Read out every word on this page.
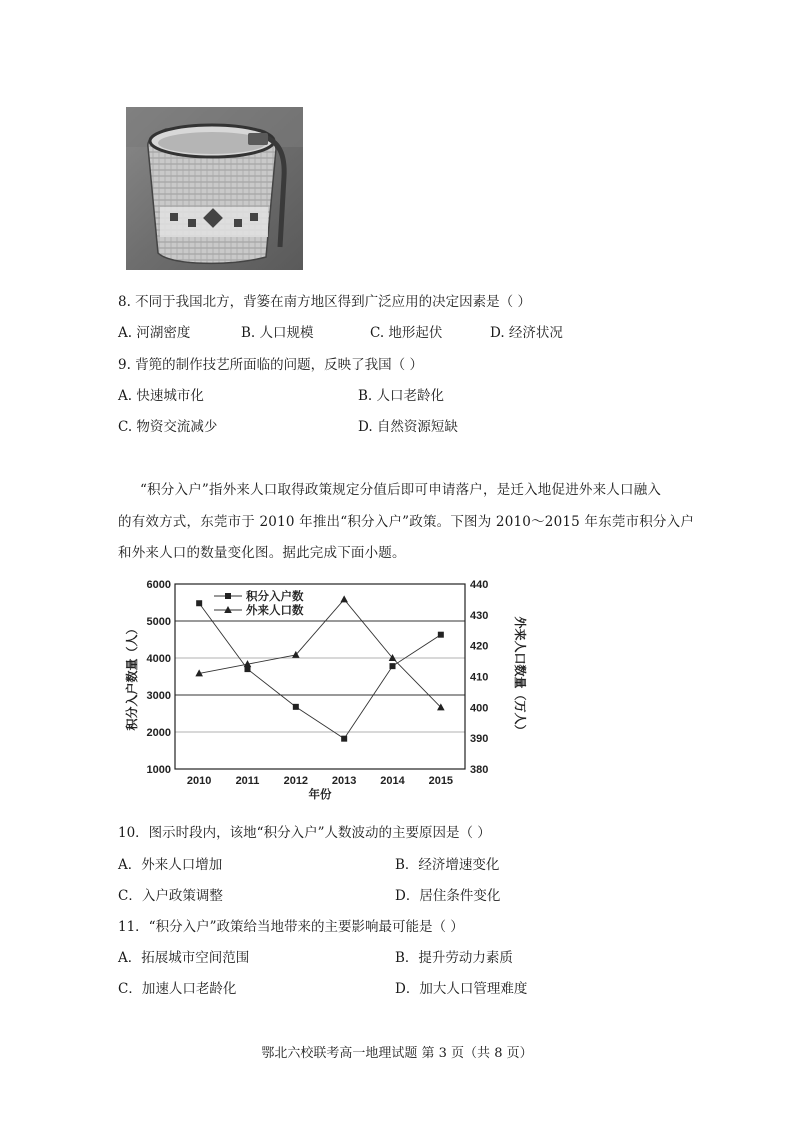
8. 不同于我国北方，背篓在南方地区得到广泛应用的决定因素是（ ）
A. 河湖密度	B. 人口规模	C. 地形起伏	D. 经济状况
9. 背篼的制作技艺所面临的问题，反映了我国（ ）
A. 快速城市化	B. 人口老龄化
C. 物资交流减少	D. 自然资源短缺
“积分入户”指外来人口取得政策规定分值后即可申请落户，是迁入地促进外来人口融入
的有效方式，东莞市于 2010 年推出“积分入户”政策。下图为 2010～2015 年东莞市积分入户
和外来人口的数量变化图。据此完成下面小题。
1000
2000
3000
4000
5000
6000
380
390
400
410
420
430
440
2010 2011 2012 2013 2014 2015
年份
积分入户数量（人）	外来人口数量（万人）
积分入户数
外来人口数
10．图示时段内，该地“积分入户”人数波动的主要原因是（ ）
A．外来人口增加	B．经济增速变化
C．入户政策调整	D．居住条件变化
11．“积分入户”政策给当地带来的主要影响最可能是（ ）
A．拓展城市空间范围	B．提升劳动力素质
C．加速人口老龄化	D．加大人口管理难度
鄂北六校联考高一地理试题 第 3 页（共 8 页）
